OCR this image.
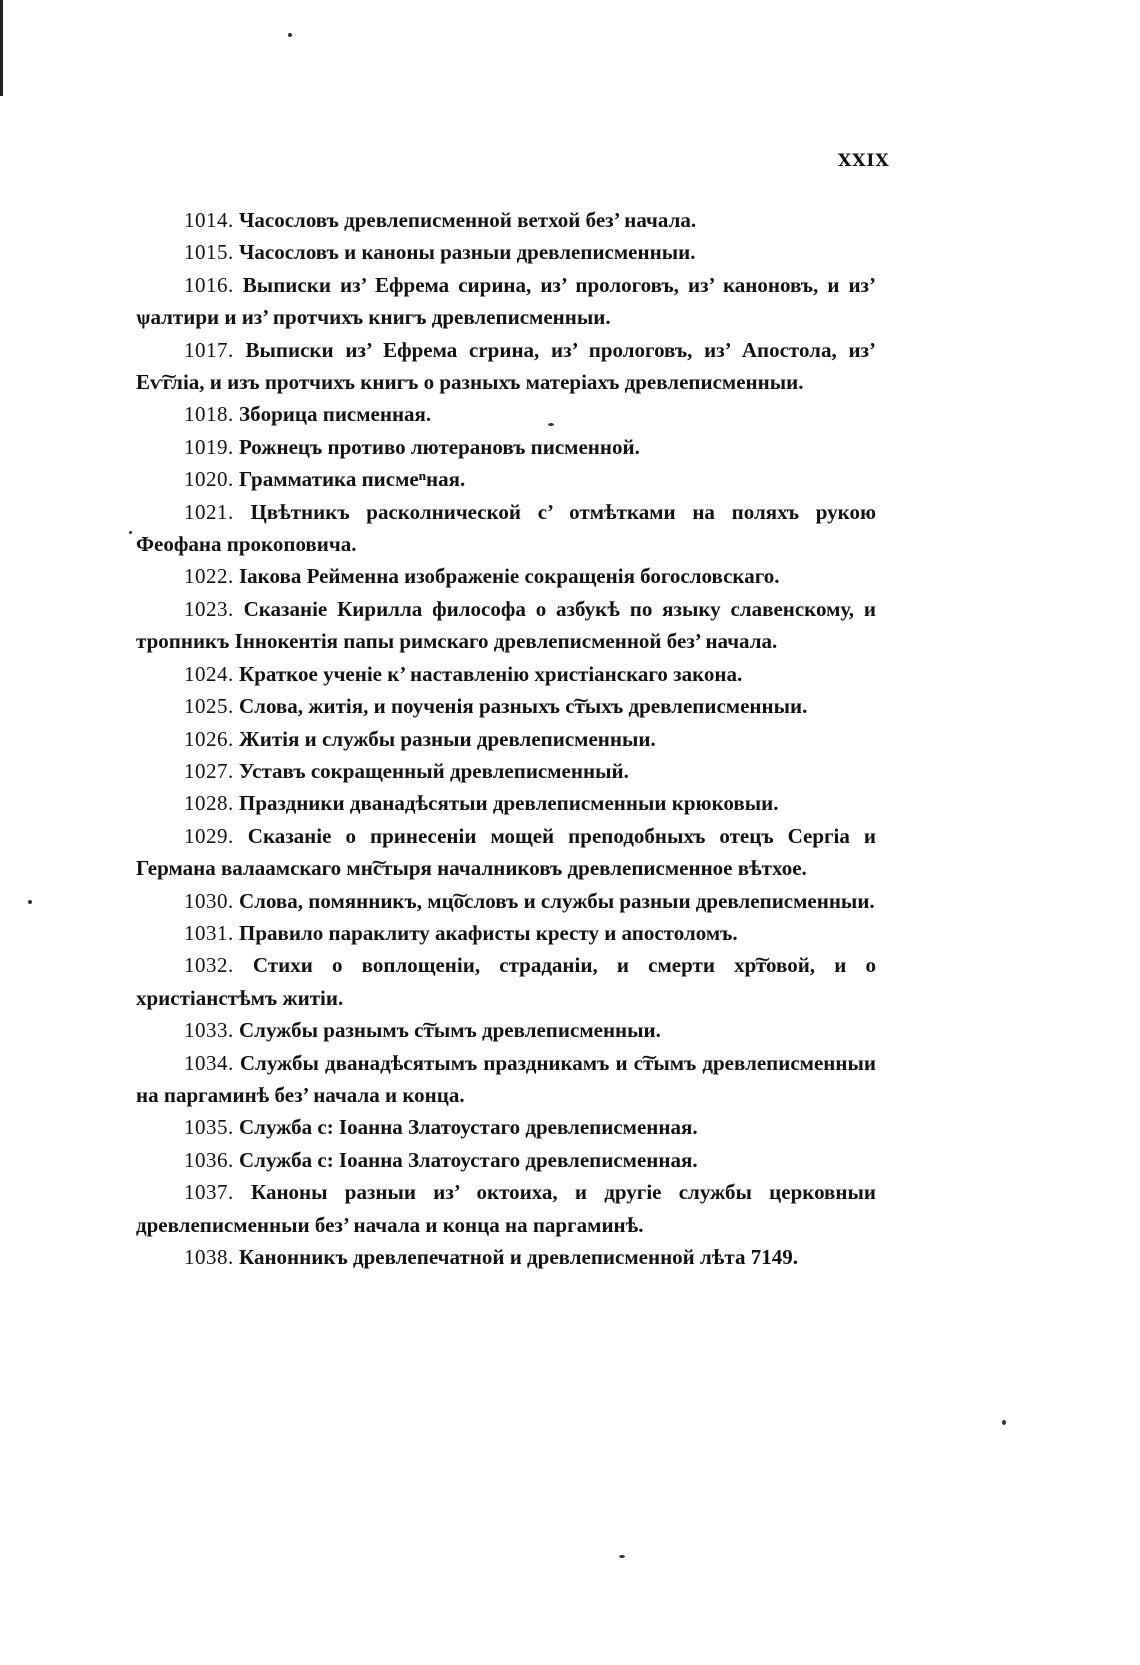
XXIX

1014. Часословъ древлеписменной ветхой без’ начала.

1015. Часословъ и каноны разныи древлеписменныи.

1016. Выписки из’ Ефрема сирина, из’ прологовъ, из’ каноновъ, и из’ ѱалтири и из’ протчихъ книгъ древлеписменныи.

1017. Выписки из’ Ефрема сrрина, из’ прологовъ, из’ Апостола, из’ Еѵ͠глiа, и изъ протчихъ книгъ о разныхъ матерiахъ древлеписменныи.

1018. Збoрица писменная.

1019. Рожнецъ противо лютерановъ писменной.

1020. Грамматика писмеⁿная.

1021. Цвѣтникъ расколнической с’ отмѣтками на поляхъ рукою Феофана прокоповича.

1022. Iакова Рейменна изображенiе сокращенiя богословскаго.

1023. Сказанiе Кирилла философа о азбукѣ по языку славенскому, и тропникъ Iннокентiя папы римскаго древлеписменной без’ начала.

1024. Краткое ученiе к’ наставленiю христiанскаго закона.

1025. Слова, житiя, и поученiя разныхъ с͠тыхъ древлеписменныи.

1026. Житiя и службы разныи древлеписменныи.

1027. Уставъ сокращенный древлеписменный.

1028. Праздники дванадѣсятыи древлеписменныи крюковыи.

1029. Сказанiе о принесенiи мощей преподобныхъ отецъ Сергiа и Германа валаамскаго мн͠стыря началниковъ древлеписменное вѣтхое.

1030. Слова, помянникъ, мц͠ословъ и службы разныи древлеписменныи.

1031. Правило параклиту акафисты кресту и апостоломъ.

1032. Стихи о воплощенiи, страданiи, и смерти хр͠товой, и о христiанстѣмъ житiи.

1033. Службы разнымъ с͠тымъ древлеписменныи.

1034. Службы дванадѣсятымъ праздникамъ и с͠тымъ древлеписменныи на паргаминѣ без’ начала и конца.

1035. Служба с: Iоанна Златоустаго древлеписменная.

1036. Служба с: Iоанна Златоустаго древлеписменная.

1037. Каноны разныи из’ октоиха, и другiе службы церковныи древлеписменныи без’ начала и конца на паргаминѣ.

1038. Канонникъ древлепечатной и древлеписменной лѣта 7149.
